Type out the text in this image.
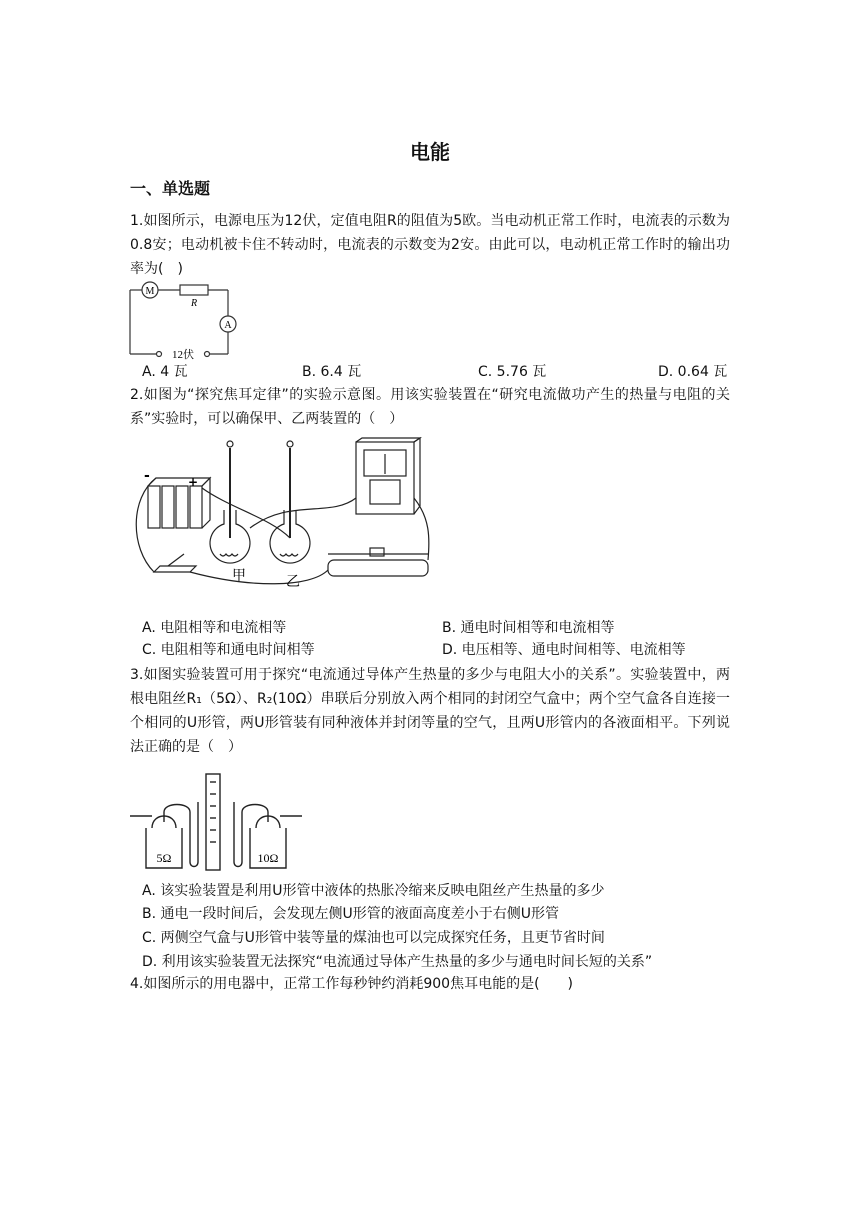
电能
一、单选题
1.如图所示，电源电压为12伏，定值电阻R的阻值为5欧。当电动机正常工作时，电流表的示数为0.8安；电动机被卡住不转动时，电流表的示数变为2安。由此可以，电动机正常工作时的输出功率为(　)
M
R
A
12伏
A. 4 瓦	B. 6.4 瓦	C. 5.76 瓦	D. 0.64 瓦
2.如图为“探究焦耳定律”的实验示意图。用该实验装置在“研究电流做功产生的热量与电阻的关系”实验时，可以确保甲、乙两装置的（　）
-	+
甲	乙
A. 电阻相等和电流相等	B. 通电时间相等和电流相等
C. 电阻相等和通电时间相等	D. 电压相等、通电时间相等、电流相等
3.如图实验装置可用于探究“电流通过导体产生热量的多少与电阻大小的关系”。实验装置中，两根电阻丝R₁（5Ω）、R₂(10Ω）串联后分别放入两个相同的封闭空气盒中；两个空气盒各自连接一个相同的U形管，两U形管装有同种液体并封闭等量的空气，且两U形管内的各液面相平。下列说法正确的是（　）
5Ω	10Ω
A. 该实验装置是利用U形管中液体的热胀冷缩来反映电阻丝产生热量的多少
B. 通电一段时间后，会发现左侧U形管的液面高度差小于右侧U形管
C. 两侧空气盒与U形管中装等量的煤油也可以完成探究任务，且更节省时间
D. 利用该实验装置无法探究“电流通过导体产生热量的多少与通电时间长短的关系”
4.如图所示的用电器中，正常工作每秒钟约消耗900焦耳电能的是(　　)
